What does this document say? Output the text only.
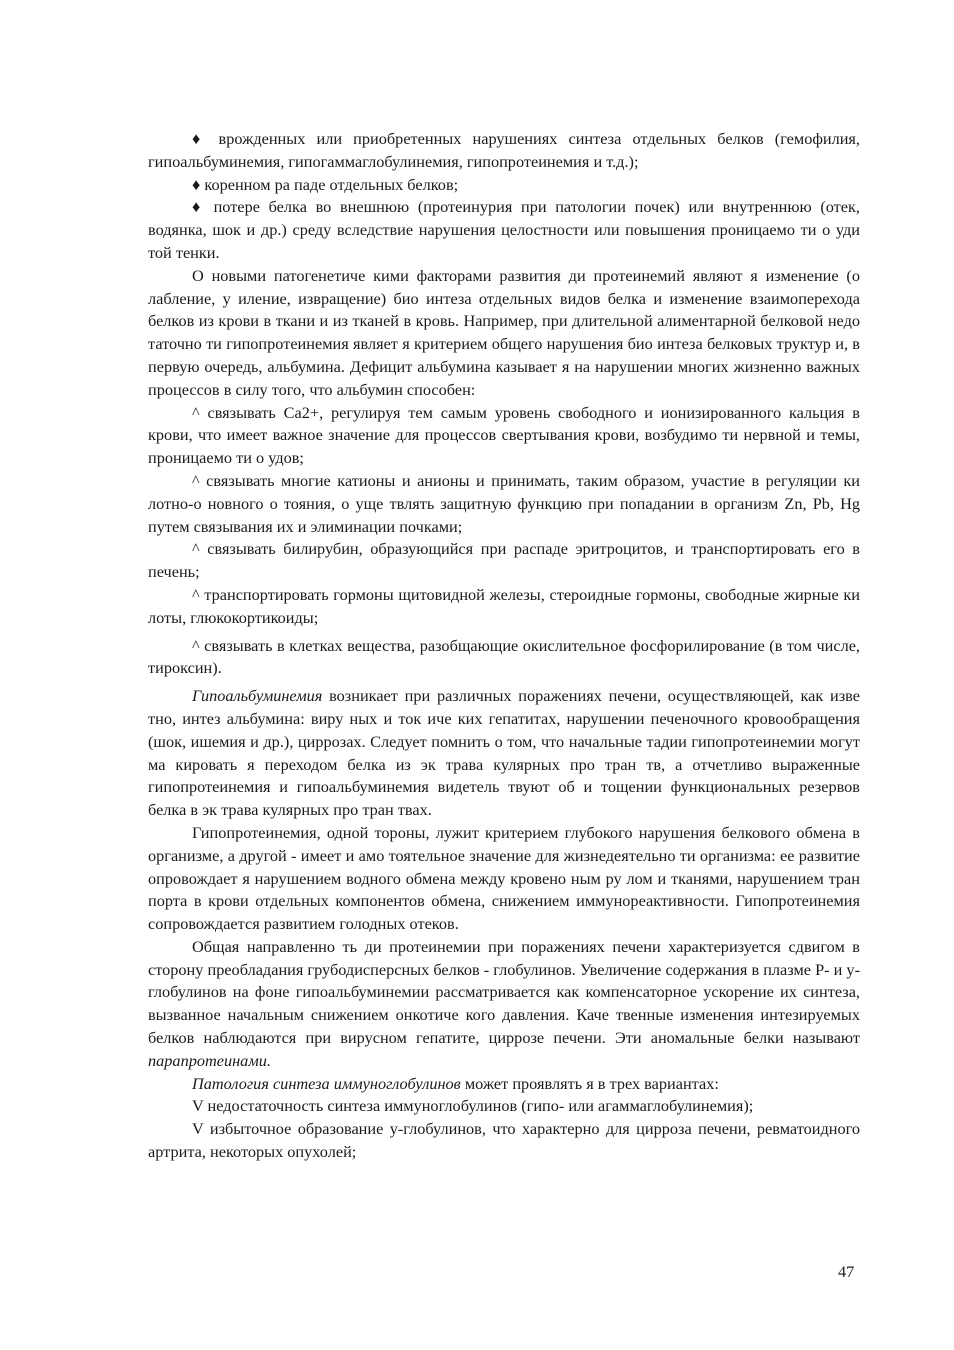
♦ врожденных или приобретенных нарушениях синтеза отдельных белков (гемофилия, гипоальбуминемия, гипогаммаглобулинемия, гипопротеинемия и т.д.);

♦ коренном ра паде отдельных белков;

♦ потере белка во внешнюю (протеинурия при патологии почек) или внутреннюю (отек, водянка, шок и др.) среду вследствие нарушения целостности или повышения проницаемо ти о уди той тенки.

О новыми патогенетиче кими факторами развития ди протеинемий являют я изменение (о лабление, у иление, извращение) био интеза отдельных видов белка и изменение взаимоперехода белков из крови в ткани и из тканей в кровь. Например, при длительной алиментарной белковой недо таточно ти гипопротеинемия являет я критерием общего нарушения био интеза белковых труктур и, в первую очередь, альбумина. Дефицит альбумина казывает я на нарушении многих жизненно важных процессов в силу того, что альбумин способен:

^ связывать Са2+, регулируя тем самым уровень свободного и ионизированного кальция в крови, что имеет важное значение для процессов свертывания крови, возбудимо ти нервной и темы, проницаемо ти о удов;

^ связывать многие катионы и анионы и принимать, таким образом, участие в регуляции ки лотно-о новного о тояния, о уще твлять защитную функцию при попадании в организм Zn, Pb, Hg путем связывания их и элиминации почками;

^ связывать билирубин, образующийся при распаде эритроцитов, и транспортировать его в печень;

^ транспортировать гормоны щитовидной железы, стероидные гормоны, свободные жирные ки лоты, глюкокортикоиды;

^ связывать в клетках вещества, разобщающие окислительное фосфорилирование (в том числе, тироксин).

Гипоальбуминемия возникает при различных поражениях печени, осуществляющей, как изве тно, интез альбумина: виру ных и ток иче ких гепатитах, нарушении печеночного кровообращения (шок, ишемия и др.), циррозах. Следует помнить о том, что начальные тадии гипопротеинемии могут ма кировать я переходом белка из эк трава кулярных про тран тв, а отчетливо выраженные гипопротеинемия и гипоальбуминемия видетель твуют об и тощении функциональных резервов белка в эк трава кулярных про тран твах.

Гипопротеинемия, одной тороны, лужит критерием глубокого нарушения белкового обмена в организме, а другой - имеет и амо тоятельное значение для жизнедеятельно ти организма: ее развитие опровождает я нарушением водного обмена между кровено ным ру лом и тканями, нарушением тран порта в крови отдельных компонентов обмена, снижением иммунореактивности. Гипопротеинемия сопровождается развитием голодных отеков.

Общая направленно ть ди протеинемии при поражениях печени характеризуется сдвигом в сторону преобладания грубодисперсных белков - глобулинов. Увеличение содержания в плазме Р- и у-глобулинов на фоне гипоальбуминемии рассматривается как компенсаторное ускорение их синтеза, вызванное начальным снижением онкотиче кого давления. Каче твенные изменения интезируемых белков наблюдаются при вирусном гепатите, циррозе печени. Эти аномальные белки называют парапротеинами.

Патология синтеза иммуноглобулинов может проявлять я в трех вариантах:

V недостаточность синтеза иммуноглобулинов (гипо- или агаммаглобулинемия);

V избыточное образование у-глобулинов, что характерно для цирроза печени, ревматоидного артрита, некоторых опухолей;

47
